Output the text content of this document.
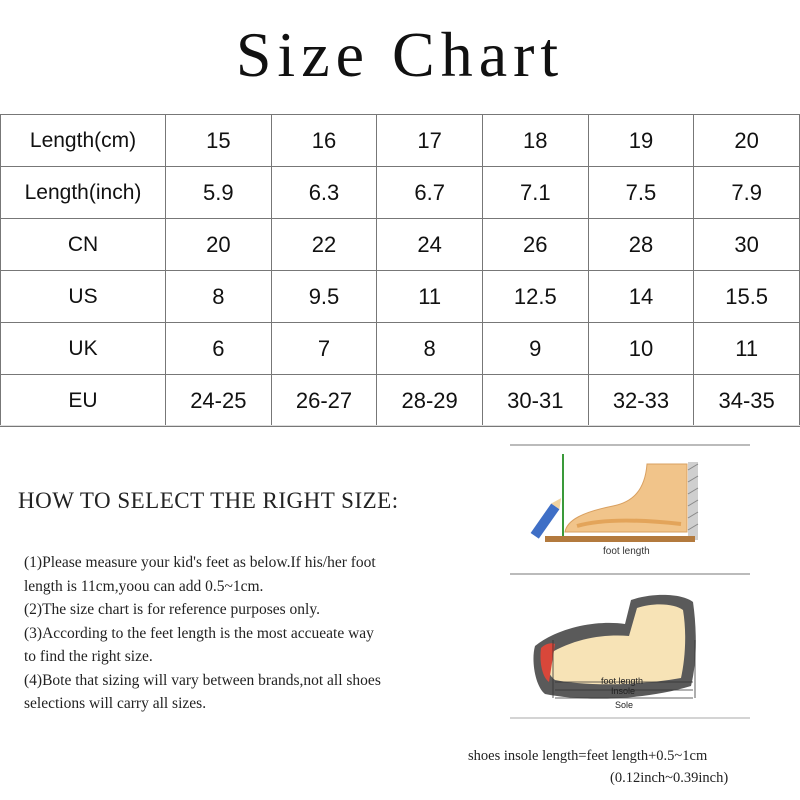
Size Chart
Length(cm)	15	16	17	18	19	20
Length(inch)	5.9	6.3	6.7	7.1	7.5	7.9
CN	20	22	24	26	28	30
US	8	9.5	11	12.5	14	15.5
UK	6	7	8	9	10	11
EU	24-25	26-27	28-29	30-31	32-33	34-35
HOW TO SELECT THE RIGHT SIZE:

(1)Please measure your kid's feet as below.If his/her foot

length is 11cm,yoou can add 0.5~1cm.

(2)The size chart is for reference purposes only.

(3)According to the feet length is the most accueate way

to find the right size.

(4)Bote that sizing will vary between brands,not all shoes

selections will carry all sizes.

foot length
foot length
Insole
Sole
shoes insole length=feet length+0.5~1cm
(0.12inch~0.39inch)
